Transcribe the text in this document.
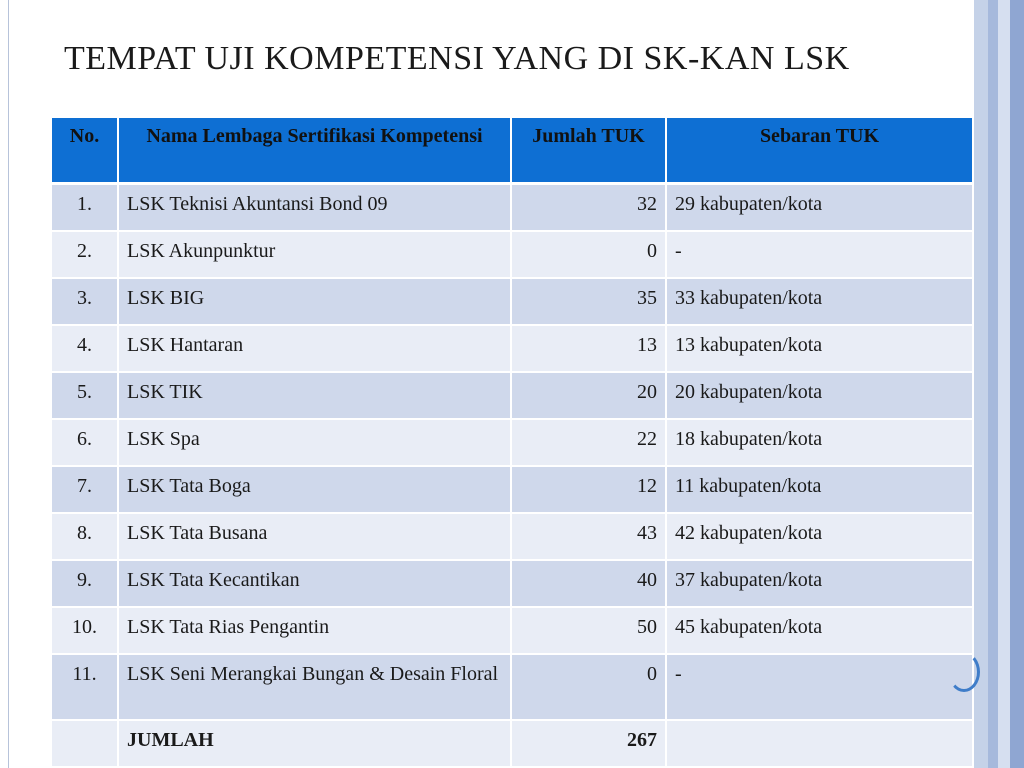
TEMPAT UJI KOMPETENSI YANG DI SK-KAN LSK
No.	Nama Lembaga Sertifikasi Kompetensi	Jumlah TUK	Sebaran TUK
1.	LSK Teknisi Akuntansi Bond 09	32	29 kabupaten/kota
2.	LSK Akunpunktur	0	-
3.	LSK BIG	35	33 kabupaten/kota
4.	LSK Hantaran	13	13 kabupaten/kota
5.	LSK TIK	20	20 kabupaten/kota
6.	LSK Spa	22	18 kabupaten/kota
7.	LSK Tata Boga	12	11 kabupaten/kota
8.	LSK Tata Busana	43	42 kabupaten/kota
9.	LSK Tata Kecantikan	40	37 kabupaten/kota
10.	LSK Tata Rias Pengantin	50	45 kabupaten/kota
11.	LSK Seni Merangkai Bungan & Desain Floral	0	-
	JUMLAH	267	
